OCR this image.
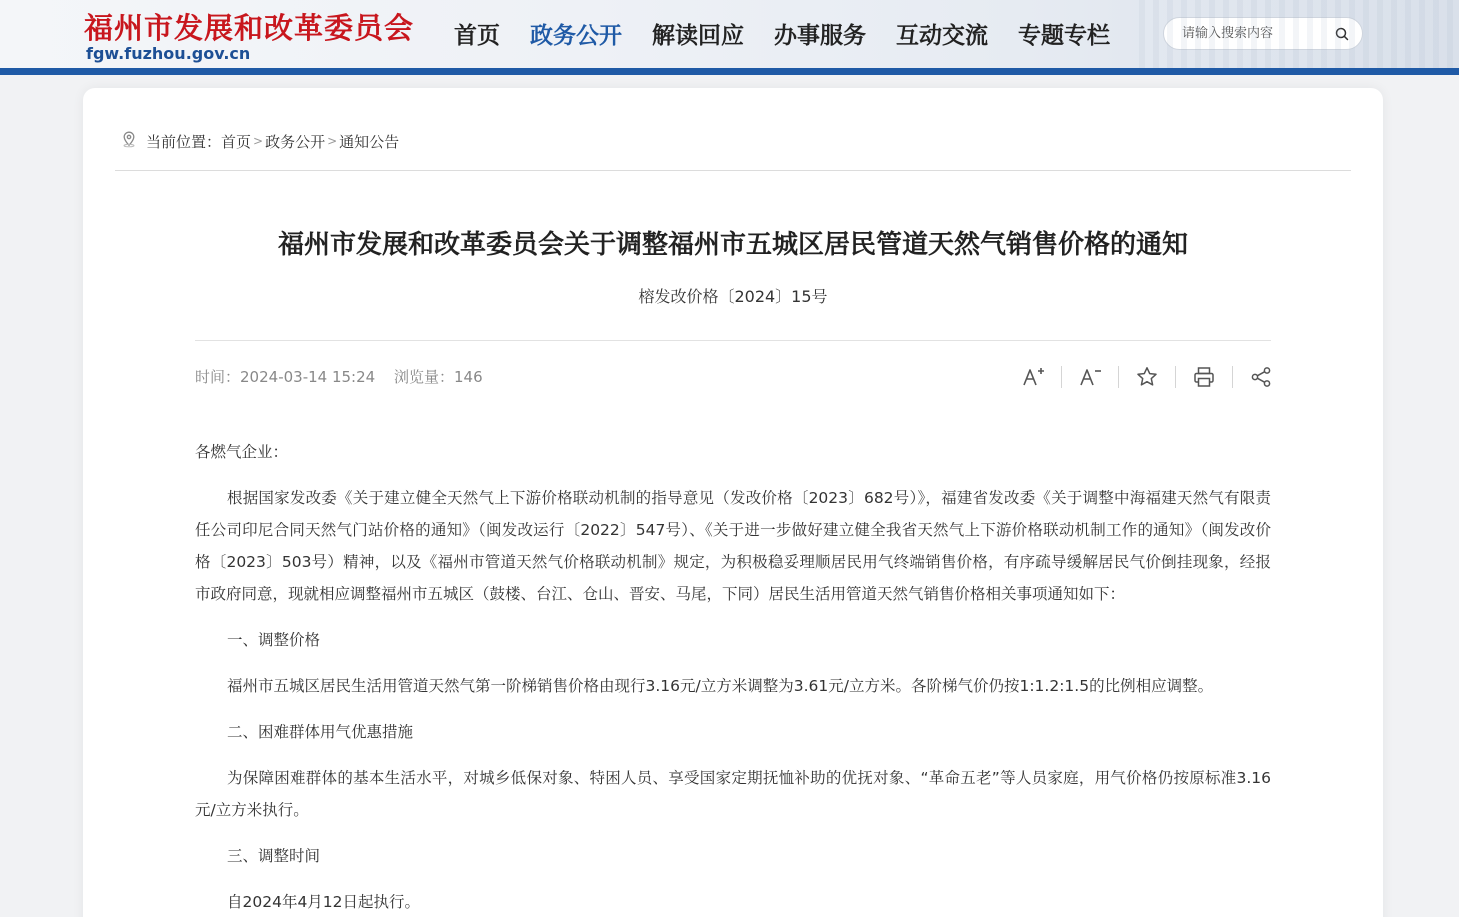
福州市发展和改革委员会
fgw.fuzhou.gov.cn
首页 政务公开 解读回应 办事服务 互动交流 专题专栏
请输入搜索内容
当前位置： 首页 > 政务公开 > 通知公告
福州市发展和改革委员会关于调整福州市五城区居民管道天然气销售价格的通知
榕发改价格〔2024〕15号
时间：2024-03-14 15:24 浏览量：146

各燃气企业：

根据国家发改委《关于建立健全天然气上下游价格联动机制的指导意见（发改价格〔2023〕682号）》，福建省发改委《关于调整中海福建天然气有限责任公司印尼合同天然气门站价格的通知》（闽发改运行〔2022〕547号）、《关于进一步做好建立健全我省天然气上下游价格联动机制工作的通知》（闽发改价格〔2023〕503号）精神，以及《福州市管道天然气价格联动机制》规定，为积极稳妥理顺居民用气终端销售价格，有序疏导缓解居民气价倒挂现象，经报市政府同意，现就相应调整福州市五城区（鼓楼、台江、仓山、晋安、马尾，下同）居民生活用管道天然气销售价格相关事项通知如下：

一、调整价格

福州市五城区居民生活用管道天然气第一阶梯销售价格由现行3.16元/立方米调整为3.61元/立方米。各阶梯气价仍按1:1.2:1.5的比例相应调整。

二、困难群体用气优惠措施

为保障困难群体的基本生活水平，对城乡低保对象、特困人员、享受国家定期抚恤补助的优抚对象、“革命五老”等人员家庭，用气价格仍按原标准3.16元/立方米执行。

三、调整时间

自2024年4月12日起执行。
